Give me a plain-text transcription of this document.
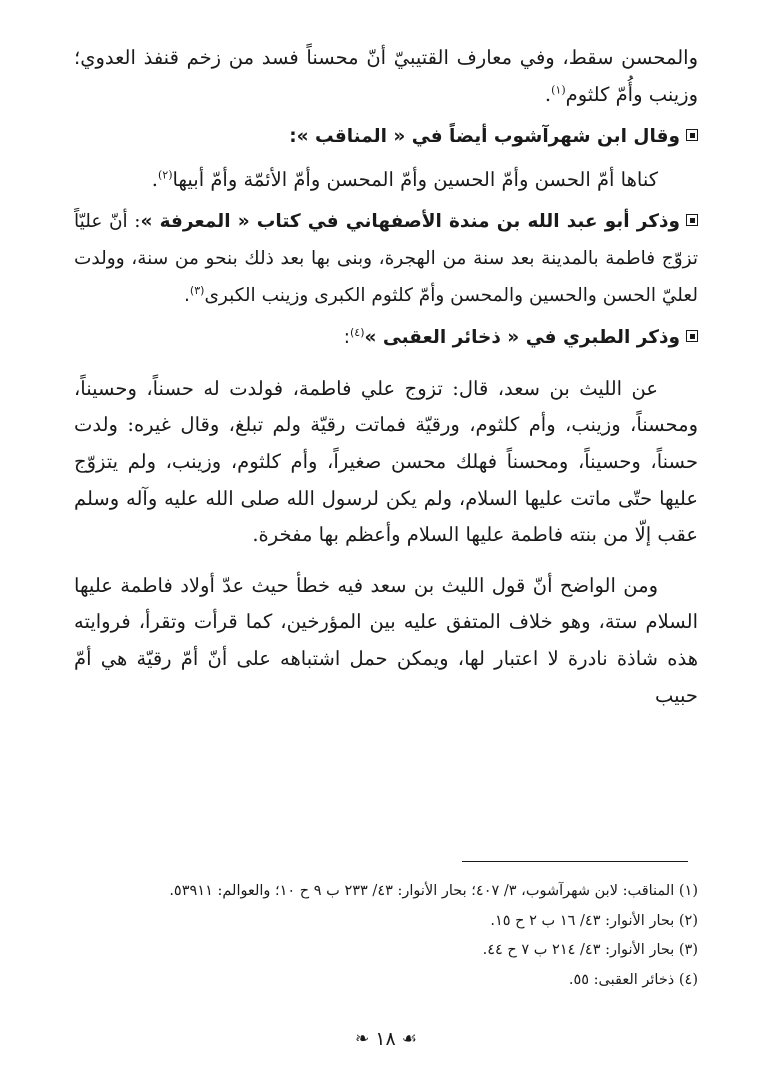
والمحسن سقط، وفي معارف القتيبيّ أنّ محسناً فسد من زخم قنفذ العدوي؛ وزينب وأُمّ كلثوم$^{(١)}$.

وقال ابن شهرآشوب أيضاً في « المناقب »:

كناها أمّ الحسن وأمّ الحسين وأمّ المحسن وأمّ الأئمّة وأمّ أبيها$^{(٢)}$.

وذكر أبو عبد الله بن مندة الأصفهاني في كتاب « المعرفة »: أنّ عليّاً تزوّج فاطمة بالمدينة بعد سنة من الهجرة، وبنى بها بعد ذلك بنحو من سنة، وولدت لعليّ الحسن والحسين والمحسن وأمّ كلثوم الكبرى وزينب الكبرى$^{(٣)}$.

وذكر الطبري في « ذخائر العقبى »$^{(٤)}$:

عن الليث بن سعد، قال: تزوج علي فاطمة، فولدت له حسناً، وحسيناً، ومحسناً، وزينب، وأم كلثوم، ورقيّة فماتت رقيّة ولم تبلغ، وقال غيره: ولدت حسناً، وحسيناً، ومحسناً فهلك محسن صغيراً، وأم كلثوم، وزينب، ولم يتزوّج عليها حتّى ماتت عليها السلام، ولم يكن لرسول الله صلى الله عليه وآله وسلم عقب إلّا من بنته فاطمة عليها السلام وأعظم بها مفخرة.

ومن الواضح أنّ قول الليث بن سعد فيه خطأ حيث عدّ أولاد فاطمة عليها السلام ستة، وهو خلاف المتفق عليه بين المؤرخين، كما قرأت وتقرأ، فروايته هذه شاذة نادرة لا اعتبار لها، ويمكن حمل اشتباهه على أنّ أمّ رقيّة هي أمّ حبيب

(١) المناقب: لابن شهرآشوب، ٣/ ٤٠٧؛ بحار الأنوار: ٤٣/ ٢٣٣ ب ٩ ح ١٠؛ والعوالم: ٥٣٩١١.

(٢) بحار الأنوار: ٤٣/ ١٦ ب ٢ ح ١٥.

(٣) بحار الأنوار: ٤٣/ ٢١٤ ب ٧ ح ٤٤.

(٤) ذخائر العقبى: ٥٥.

☙ ١٨ ❧
